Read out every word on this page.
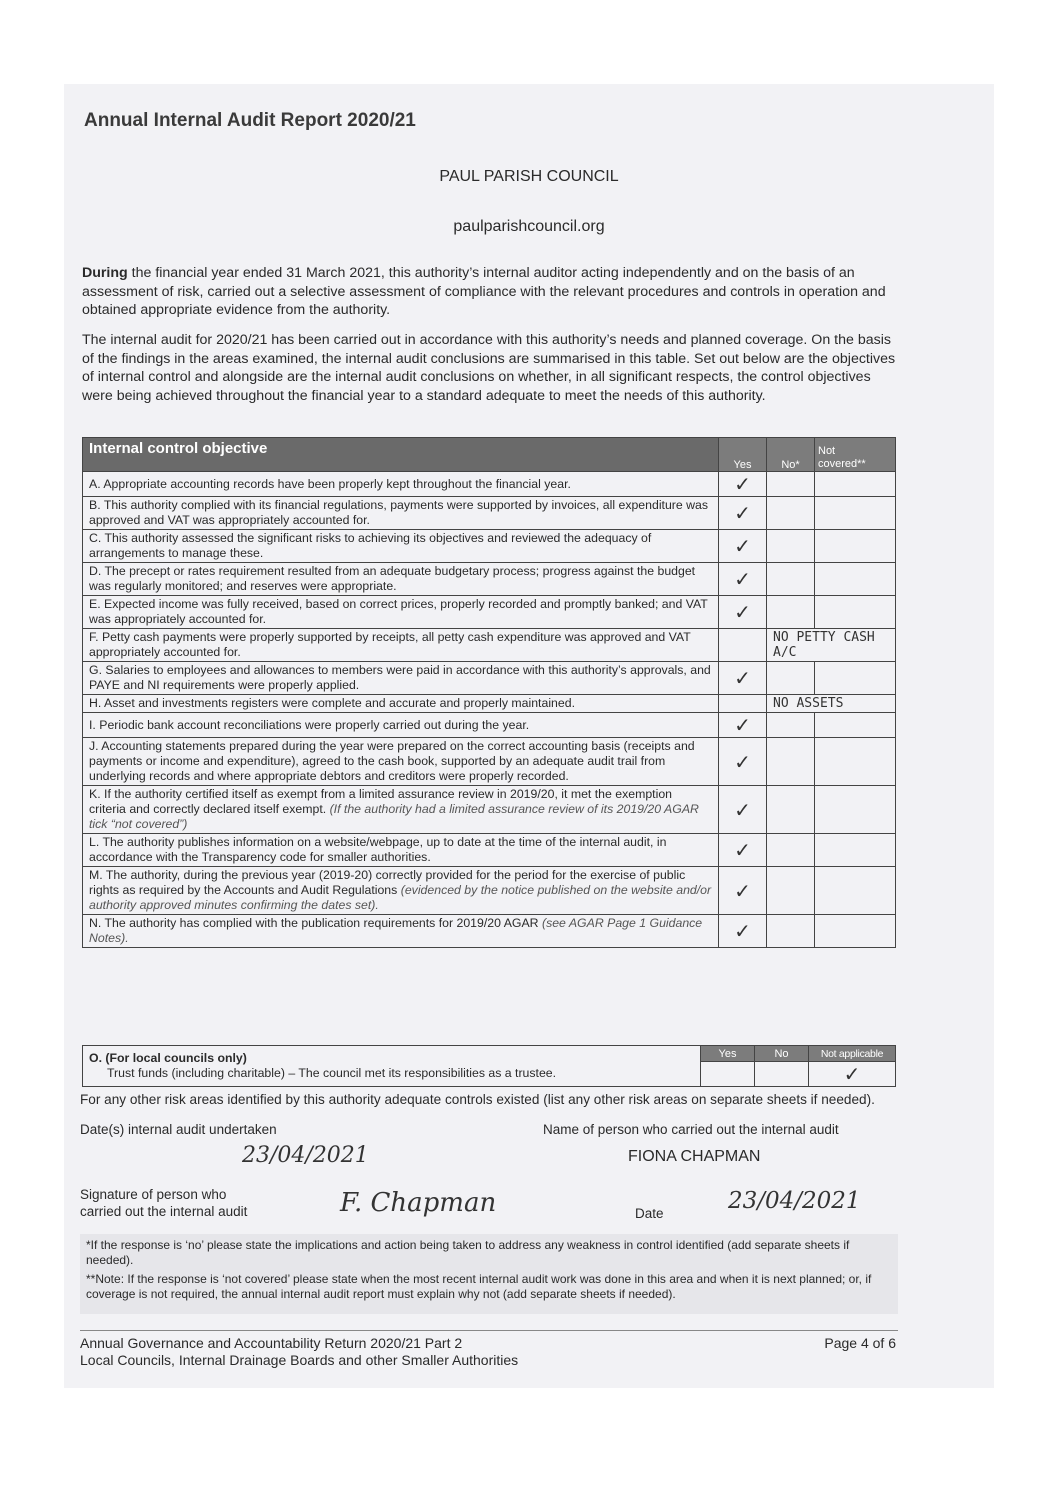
Annual Internal Audit Report 2020/21
PAUL PARISH COUNCIL
paulparishcouncil.org
During the financial year ended 31 March 2021, this authority’s internal auditor acting independently and on the basis of an assessment of risk, carried out a selective assessment of compliance with the relevant procedures and controls in operation and obtained appropriate evidence from the authority.
The internal audit for 2020/21 has been carried out in accordance with this authority’s needs and planned coverage. On the basis of the findings in the areas examined, the internal audit conclusions are summarised in this table. Set out below are the objectives of internal control and alongside are the internal audit conclusions on whether, in all significant respects, the control objectives were being achieved throughout the financial year to a standard adequate to meet the needs of this authority.
Internal control objective	Yes	No*	Not
covered**
A. Appropriate accounting records have been properly kept throughout the financial year.	✓		
B. This authority complied with its financial regulations, payments were supported by invoices, all expenditure was approved and VAT was appropriately accounted for.	✓		
C. This authority assessed the significant risks to achieving its objectives and reviewed the adequacy of arrangements to manage these.	✓		
D. The precept or rates requirement resulted from an adequate budgetary process; progress against the budget was regularly monitored; and reserves were appropriate.	✓		
E. Expected income was fully received, based on correct prices, properly recorded and promptly banked; and VAT was appropriately accounted for.	✓		
F. Petty cash payments were properly supported by receipts, all petty cash expenditure was approved and VAT appropriately accounted for.		NO PETTY CASH A/C	
G. Salaries to employees and allowances to members were paid in accordance with this authority’s approvals, and PAYE and NI requirements were properly applied.	✓		
H. Asset and investments registers were complete and accurate and properly maintained.		NO ASSETS	
I. Periodic bank account reconciliations were properly carried out during the year.	✓		
J. Accounting statements prepared during the year were prepared on the correct accounting basis (receipts and payments or income and expenditure), agreed to the cash book, supported by an adequate audit trail from underlying records and where appropriate debtors and creditors were properly recorded.	✓		
K. If the authority certified itself as exempt from a limited assurance review in 2019/20, it met the exemption criteria and correctly declared itself exempt. (If the authority had a limited assurance review of its 2019/20 AGAR tick “not covered”)	✓		
L. The authority publishes information on a website/webpage, up to date at the time of the internal audit, in accordance with the Transparency code for smaller authorities.	✓		
M. The authority, during the previous year (2019-20) correctly provided for the period for the exercise of public rights as required by the Accounts and Audit Regulations (evidenced by the notice published on the website and/or authority approved minutes confirming the dates set).	✓		
N. The authority has complied with the publication requirements for 2019/20 AGAR (see AGAR Page 1 Guidance Notes).	✓		
O. (For local councils only)
Trust funds (including charitable) – The council met its responsibilities as a trustee.	Yes	No	Not applicable
			✓
For any other risk areas identified by this authority adequate controls existed (list any other risk areas on separate sheets if needed).
Date(s) internal audit undertaken
23/04/2021
Name of person who carried out the internal audit
FIONA CHAPMAN
Signature of person who
carried out the internal audit	F. Chapman	Date	23/04/2021
*If the response is ‘no’ please state the implications and action being taken to address any weakness in control identified (add separate sheets if needed).
**Note: If the response is ‘not covered’ please state when the most recent internal audit work was done in this area and when it is next planned; or, if coverage is not required, the annual internal audit report must explain why not (add separate sheets if needed).
Annual Governance and Accountability Return 2020/21 Part 2
Local Councils, Internal Drainage Boards and other Smaller Authorities
Page 4 of 6
